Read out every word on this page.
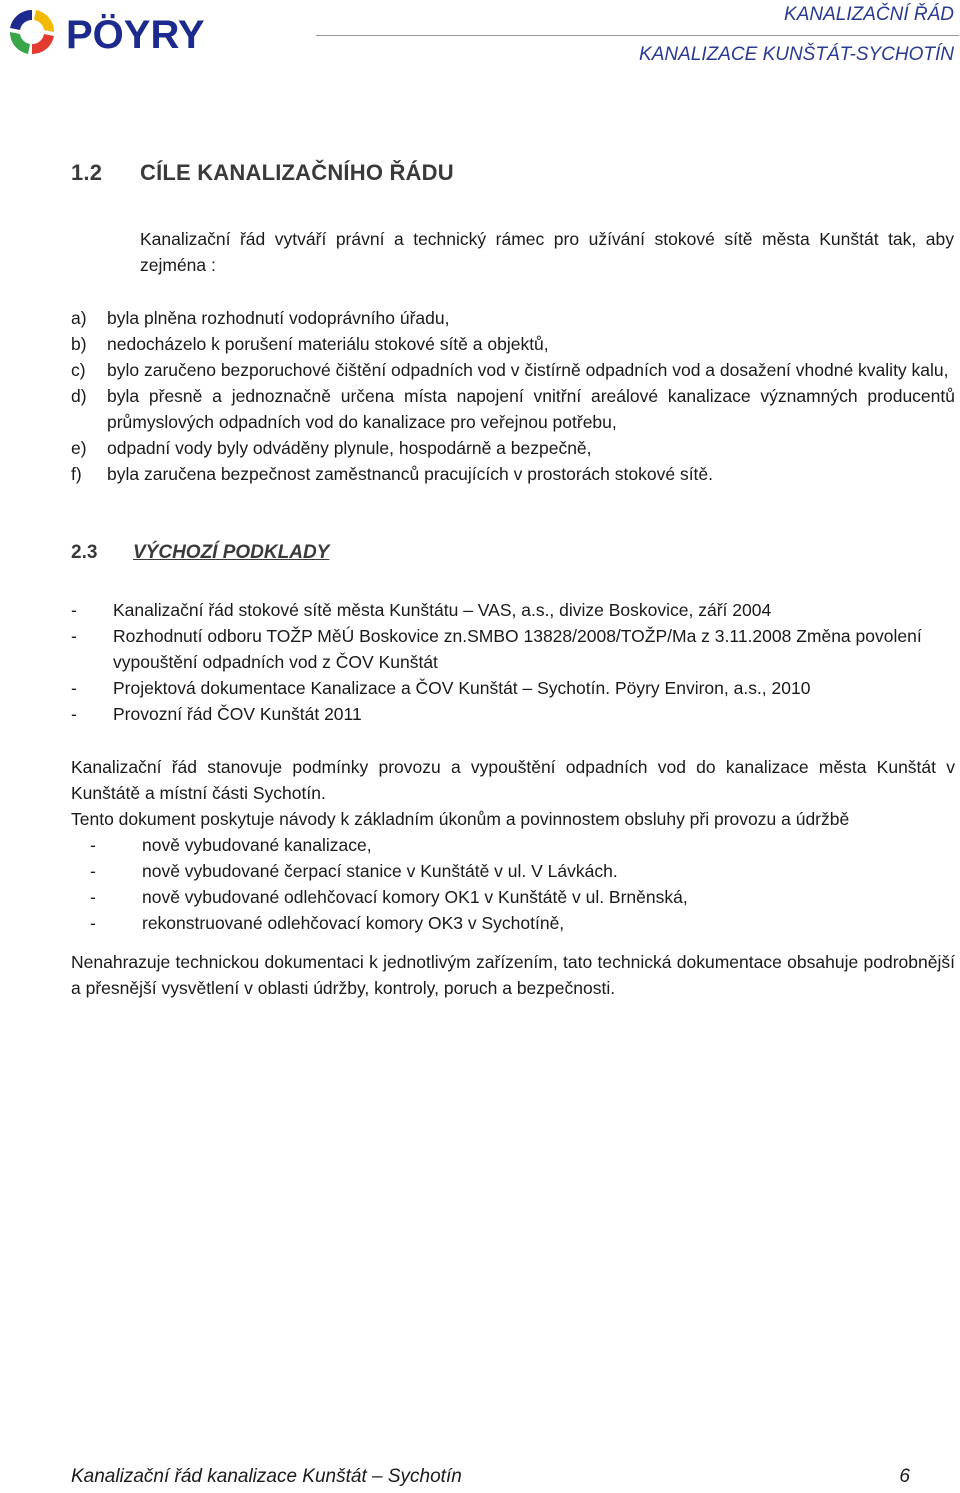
PÖYRY	KANALIZAČNÍ ŘÁD
KANALIZACE KUNŠTÁT-SYCHOTÍN
1.2 CÍLE KANALIZAČNÍHO ŘÁDU
Kanalizační řád vytváří právní a technický rámec pro užívání stokové sítě města Kunštát tak, aby zejména :
a) byla plněna rozhodnutí vodoprávního úřadu,
b) nedocházelo k porušení materiálu stokové sítě a objektů,
c) bylo zaručeno bezporuchové čištění odpadních vod v čistírně odpadních vod a dosažení vhodné kvality kalu,
d) byla přesně a jednoznačně určena místa napojení vnitřní areálové kanalizace významných producentů průmyslových odpadních vod do kanalizace pro veřejnou potřebu,
e) odpadní vody byly odváděny plynule, hospodárně a bezpečně,
f) byla zaručena bezpečnost zaměstnanců pracujících v prostorách stokové sítě.
2.3 VÝCHOZÍ PODKLADY
- Kanalizační řád stokové sítě města Kunštátu – VAS, a.s., divize Boskovice, září 2004
- Rozhodnutí odboru TOŽP MěÚ Boskovice zn.SMBO 13828/2008/TOŽP/Ma z 3.11.2008 Změna povolení vypouštění odpadních vod z ČOV Kunštát
- Projektová dokumentace Kanalizace a ČOV Kunštát – Sychotín. Pöyry Environ, a.s., 2010
- Provozní řád ČOV Kunštát 2011
Kanalizační řád stanovuje podmínky provozu a vypouštění odpadních vod do kanalizace města Kunštát v Kunštátě a místní části Sychotín.
Tento dokument poskytuje návody k základním úkonům a povinnostem obsluhy při provozu a údržbě
-	nově vybudované kanalizace,
-	nově vybudované čerpací stanice v Kunštátě v ul. V Lávkách.
-	nově vybudované odlehčovací komory OK1 v Kunštátě v ul. Brněnská,
-	rekonstruované odlehčovací komory OK3 v Sychotíně,
Nenahrazuje technickou dokumentaci k jednotlivým zařízením, tato technická dokumentace obsahuje podrobnější a přesnější vysvětlení v oblasti údržby, kontroly, poruch a bezpečnosti.
Kanalizační řád kanalizace Kunštát – Sychotín	6
